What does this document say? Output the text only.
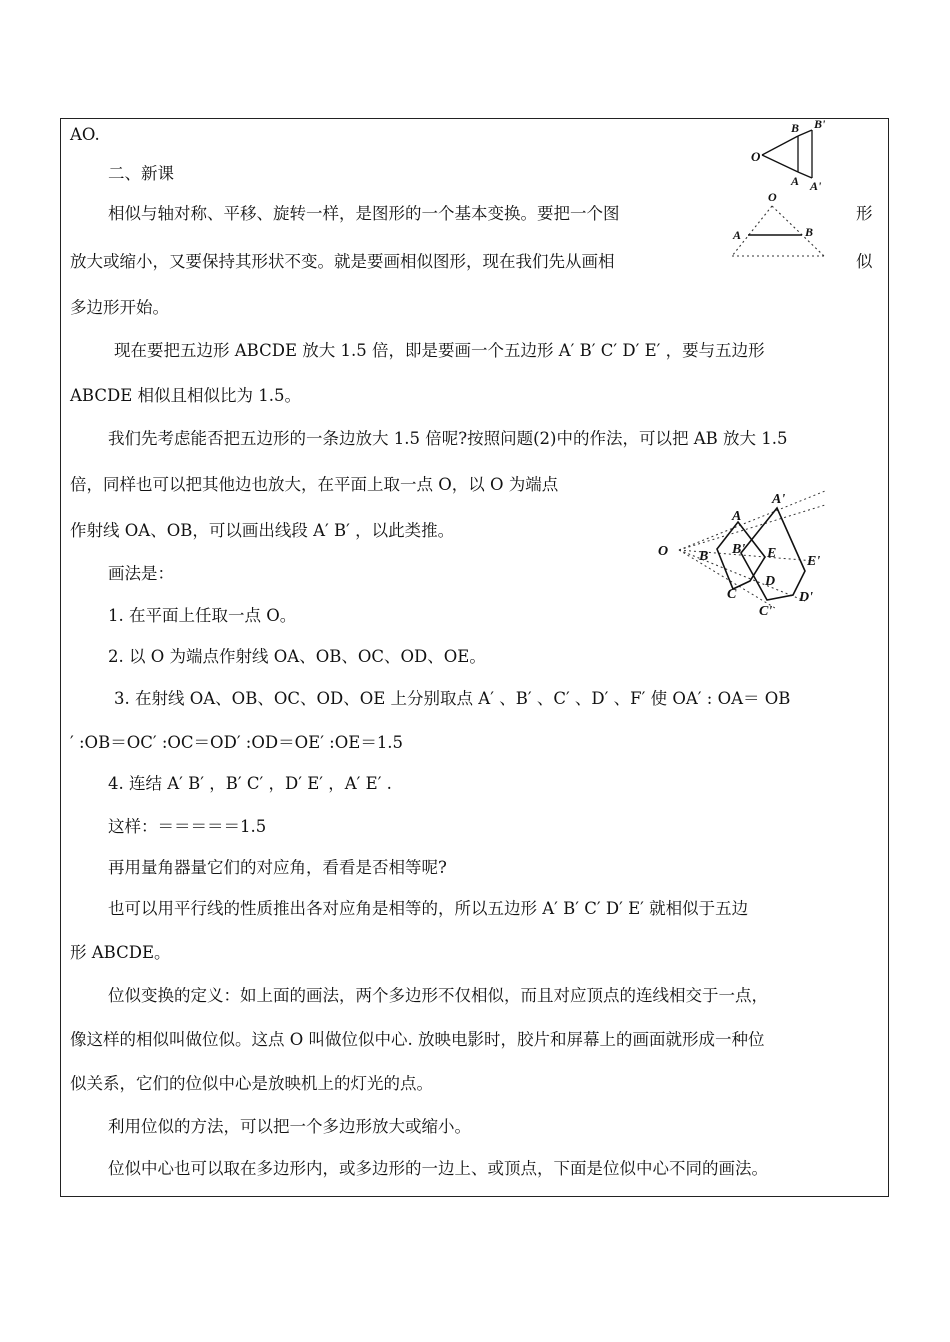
AO.
二、新课
相似与轴对称、平移、旋转一样，是图形的一个基本变换。要把一个图
放大或缩小，又要保持其形状不变。就是要画相似图形，现在我们先从画相
多边形开始。
现在要把五边形 ABCDE 放大 1.5 倍，即是要画一个五边形 A′ B′ C′ D′ E′ ，要与五边形
ABCDE 相似且相似比为 1.5。
我们先考虑能否把五边形的一条边放大 1.5 倍呢?按照问题(2)中的作法，可以把 AB 放大 1.5
倍，同样也可以把其他边也放大，在平面上取一点 O，以 O 为端点
作射线 OA、OB，可以画出线段 A′ B′ ，以此类推。
画法是：
1. 在平面上任取一点 O。
2. 以 O 为端点作射线 OA、OB、OC、OD、OE。
3. 在射线 OA、OB、OC、OD、OE 上分别取点 A′ 、B′ 、C′ 、D′ 、F′ 使 OA′ : OA＝ OB
′ :OB＝OC′ :OC＝OD′ :OD＝OE′ :OE＝1.5
4. 连结 A′ B′ ，B′ C′ ，D′ E′ ，A′ E′ .
这样：＝＝＝＝＝1.5
再用量角器量它们的对应角，看看是否相等呢?
也可以用平行线的性质推出各对应角是相等的，所以五边形 A′ B′ C′ D′ E′ 就相似于五边
形 ABCDE。
位似变换的定义：如上面的画法，两个多边形不仅相似，而且对应顶点的连线相交于一点，
像这样的相似叫做位似。这点 O 叫做位似中心. 放映电影时，胶片和屏幕上的画面就形成一种位
似关系，它们的位似中心是放映机上的灯光的点。
利用位似的方法，可以把一个多边形放大或缩小。
位似中心也可以取在多边形内，或多边形的一边上、或顶点，下面是位似中心不同的画法。
形
似
O
B B'
A A'
O
A	B
O
A
A'
B B' E
E'
D
D'
C
C'
